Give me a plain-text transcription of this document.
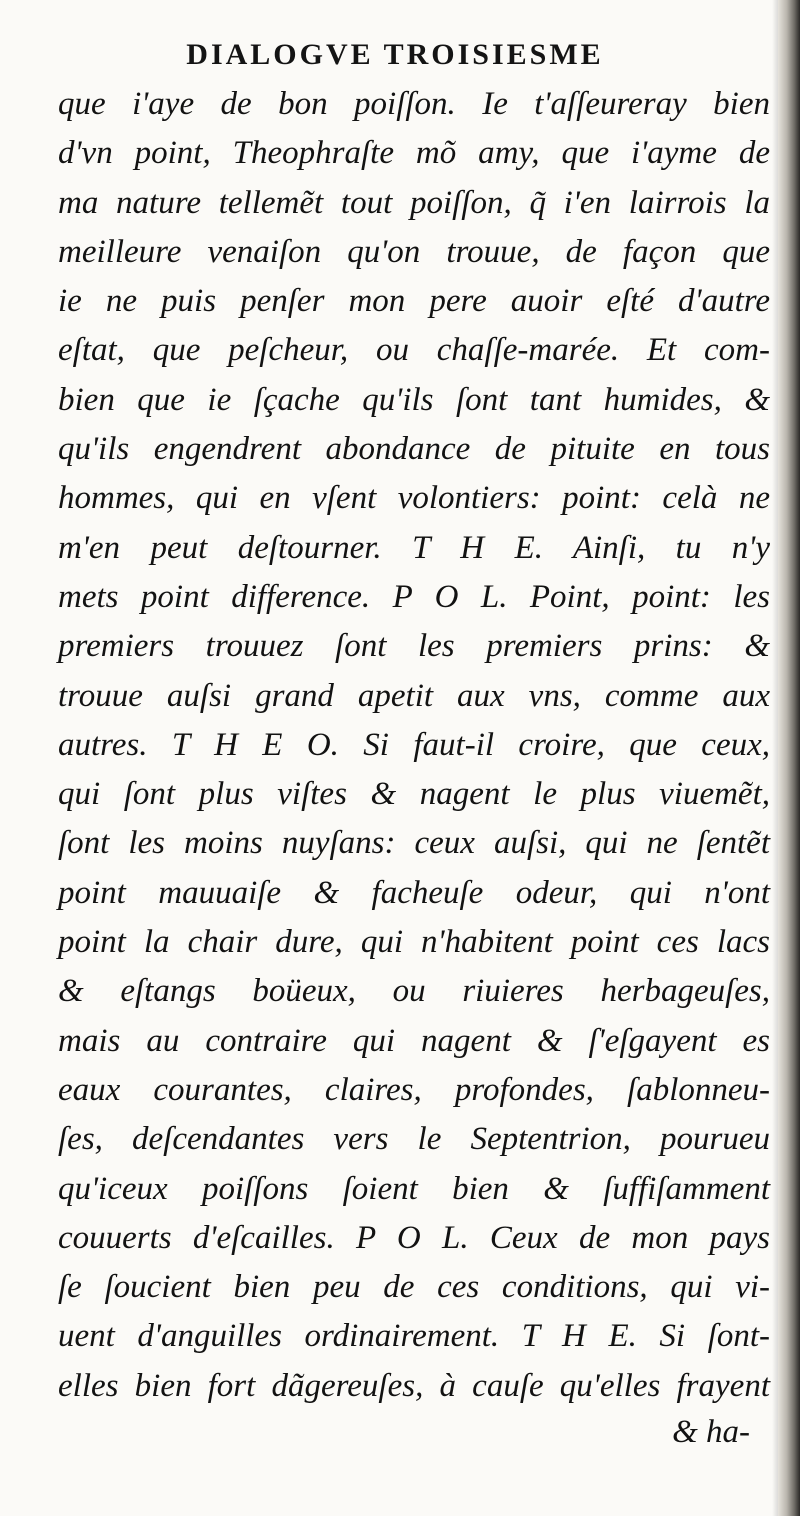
DIALOGVE TROISIESME
que i'aye de bon poiſſon. Ie t'aſſeureray bien
d'vn point, Theophraſte mõ amy, que i'ayme de
ma nature tellemẽt tout poiſſon, q̃ i'en lairrois la
meilleure venaiſon qu'on trouue, de façon que
ie ne puis penſer mon pere auoir eſté d'autre
eſtat, que peſcheur, ou chaſſe-marée. Et com-
bien que ie ſçache qu'ils ſont tant humides, &
qu'ils engendrent abondance de pituite en tous
hommes, qui en vſent volontiers: point: celà ne
m'en peut deſtourner. T H E. Ainſi, tu n'y
mets point difference. P O L. Point, point: les
premiers trouuez ſont les premiers prins: &
trouue auſsi grand apetit aux vns, comme aux
autres. T H E O. Si faut-il croire, que ceux,
qui ſont plus viſtes & nagent le plus viuemẽt,
ſont les moins nuyſans: ceux auſsi, qui ne ſentẽt
point mauuaiſe & facheuſe odeur, qui n'ont
point la chair dure, qui n'habitent point ces lacs
& eſtangs boüeux, ou riuieres herbageuſes,
mais au contraire qui nagent & ſ'eſgayent es
eaux courantes, claires, profondes, ſablonneu-
ſes, deſcendantes vers le Septentrion, pourueu
qu'iceux poiſſons ſoient bien & ſuffiſamment
couuerts d'eſcailles. P O L. Ceux de mon pays
ſe ſoucient bien peu de ces conditions, qui vi-
uent d'anguilles ordinairement. T H E. Si ſont-
elles bien fort dãgereuſes, à cauſe qu'elles frayent
& ha-
